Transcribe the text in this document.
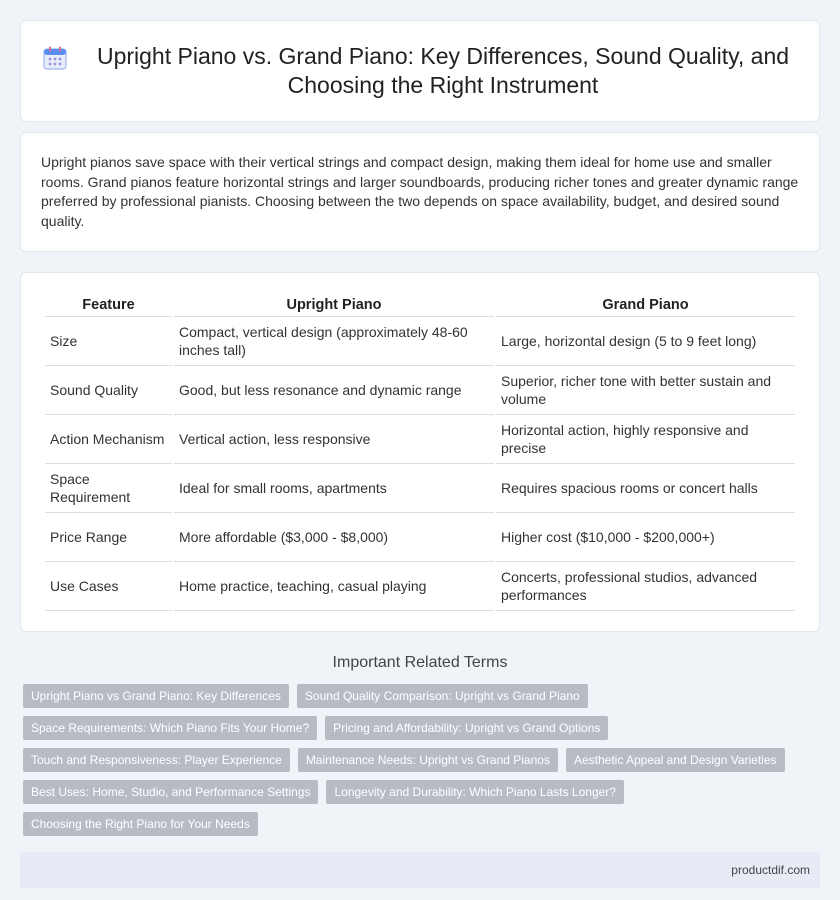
Upright Piano vs. Grand Piano: Key Differences, Sound Quality, and Choosing the Right Instrument
Upright pianos save space with their vertical strings and compact design, making them ideal for home use and smaller rooms. Grand pianos feature horizontal strings and larger soundboards, producing richer tones and greater dynamic range preferred by professional pianists. Choosing between the two depends on space availability, budget, and desired sound quality.
Feature	Upright Piano	Grand Piano
Size	Compact, vertical design (approximately 48-60 inches tall)	Large, horizontal design (5 to 9 feet long)
Sound Quality	Good, but less resonance and dynamic range	Superior, richer tone with better sustain and volume
Action Mechanism	Vertical action, less responsive	Horizontal action, highly responsive and precise
Space Requirement	Ideal for small rooms, apartments	Requires spacious rooms or concert halls
Price Range	More affordable ($3,000 - $8,000)	Higher cost ($10,000 - $200,000+)
Use Cases	Home practice, teaching, casual playing	Concerts, professional studios, advanced performances
Important Related Terms
Upright Piano vs Grand Piano: Key Differences	Sound Quality Comparison: Upright vs Grand Piano
Space Requirements: Which Piano Fits Your Home?	Pricing and Affordability: Upright vs Grand Options
Touch and Responsiveness: Player Experience	Maintenance Needs: Upright vs Grand Pianos	Aesthetic Appeal and Design Varieties
Best Uses: Home, Studio, and Performance Settings	Longevity and Durability: Which Piano Lasts Longer?
Choosing the Right Piano for Your Needs
productdif.com
